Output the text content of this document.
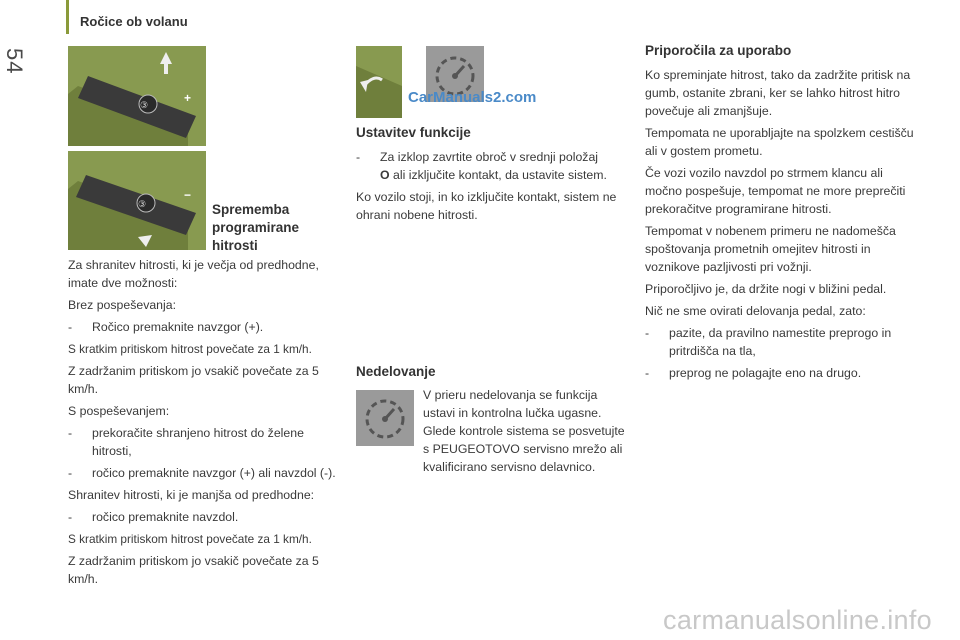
54
Ročice ob volanu
③	+
③
−
Sprememba programirane hitrosti

Za shranitev hitrosti, ki je večja od predhodne, imate dve možnosti:

Brez pospeševanja:

-	Ročico premaknite navzgor (+).

S kratkim pritiskom hitrost povečate za 1 km/h.

Z zadržanim pritiskom jo vsakič povečate za 5 km/h.

S pospeševanjem:

-	prekoračite shranjeno hitrost do želene hitrosti,
-	ročico premaknite navzgor (+) ali navzdol (-).

Shranitev hitrosti, ki je manjša od predhodne:

-	ročico premaknite navzdol.

S kratkim pritiskom hitrost povečate za 1 km/h.

Z zadržanim pritiskom jo vsakič povečate za 5 km/h.

CarManuals2.com
Ustavitev funkcije
-	Za izklop zavrtite obroč v srednji položaj
O ali izključite kontakt, da ustavite sistem.

Ko vozilo stoji, in ko izključite kontakt, sistem ne ohrani nobene hitrosti.

Nedelovanje

V prieru nedelovanja se funkcija ustavi in kontrolna lučka ugasne. Glede kontrole sistema se posvetujte s PEUGEOTOVO servisno mrežo ali kvalificirano servisno delavnico.

Priporočila za uporabo

Ko spreminjate hitrost, tako da zadržite pritisk na gumb, ostanite zbrani, ker se lahko hitrost hitro povečuje ali zmanjšuje.

Tempomata ne uporabljajte na spolzkem cestišču ali v gostem prometu.

Če vozi vozilo navzdol po strmem klancu ali močno pospešuje, tempomat ne more preprečiti prekoračitve programirane hitrosti.

Tempomat v nobenem primeru ne nadomešča spoštovanja prometnih omejitev hitrosti in voznikove pazljivosti pri vožnji.

Priporočljivo je, da držite nogi v bližini pedal.

Nič ne sme ovirati delovanja pedal, zato:

-	pazite, da pravilno namestite preprogo in pritrdišča na tla,
-	preprog ne polagajte eno na drugo.
carmanualsonline.info
